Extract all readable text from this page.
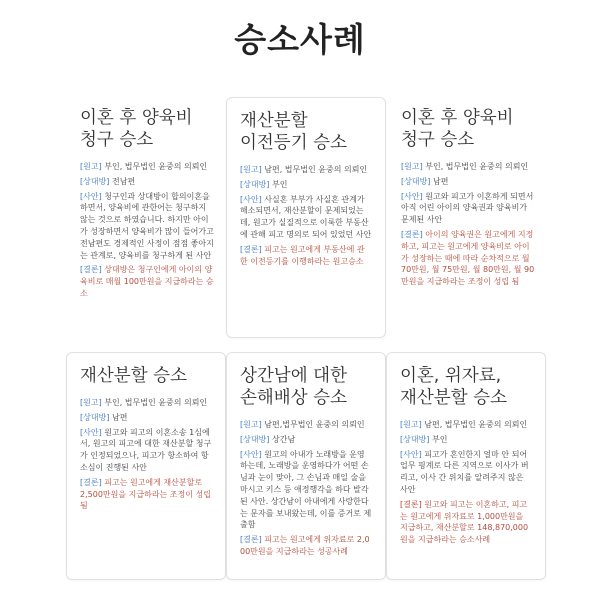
승소사례
이혼 후 양육비 청구 승소
[원고] 부인, 법무법인 윤중의 의뢰인
[상대방] 전남편
[사안] 청구인과 상대방이 합의이혼을 하면서, 양육비에 관한어는 청구하지 않는 것으로 하였습니다. 하지만 아이가 성장하면서 양육비가 많이 들어가고 전남편도 경제적인 사정이 점점 좋아지는 관계로, 양육비를 청구하게 된 사안
[결론] 상대방은 청구인에게 아이의 양육비로 매월 100만원을 지급하라는 승소
재산분할 이전등기 승소
[원고] 남편, 법무법인 윤중의 의뢰인
[상대방] 부인
[사안] 사실혼 부부가 사실혼 관계가 해소되면서, 재산분할이 문제되었는데, 원고가 실질적으로 이룩한 부동산에 관해 피고 명의로 되어 있었던 사안
[결론] 피고는 원고에게 부동산에 관한 이전등기를 이행하라는 원고승소
이혼 후 양육비 청구 승소
[원고] 부인, 법무법인 윤중의 의뢰인
[상대방] 남편
[사안] 원고와 피고가 이혼하게 되면서 아직 어린 아이의 양육권과 양육비가 문제된 사안
[결론] 아이의 양육권은 원고에게 지정하고, 피고는 원고에게 양육비로 아이가 성장하는 때에 따라 순차적으로 월 70만원, 월 75만원, 월 80만원, 월 90만원을 지급하라는 조정이 성립 됨
재산분할 승소
[원고] 부인, 법무법인 윤중의 의뢰인
[상대방] 남편
[사안] 원고와 피고의 이혼소송 1심에서, 원고의 피고에 대한 재산분할 청구가 인정되었으나, 피고가 항소하여 항소심이 진행된 사안
[결론] 피고는 원고에게 재산분할로 2,500만원을 지급하라는 조정이 성립 됨
상간남에 대한 손해배상 승소
[원고] 남편,법무법인 윤중의 의뢰인
[상대방] 상간남
[사안] 원고의 아내가 노래방을 운영하는데, 노래방을 운영하다가 어떤 손님과 눈이 맞아, 그 손님과 매일 술을 마시고 키스 등 애정행각을 하다 발각된 사안. 상간남이 아내에게 사랑한다는 문자를 보내왔는데, 이를 증거로 제출함
[결론] 피고는 원고에게 위자료로 2,000만원을 지급하라는 성공사례
이혼, 위자료, 재산분할 승소
[원고] 남편, 법무법인 윤중의 의뢰인
[상대방] 부인
[사안] 피고가 혼인한지 얼마 안 되어 업무 핑계로 다른 지역으로 이사가 버리고, 이사 간 위치를 알려주지 않은 사안
[결론] 원고와 피고는 이혼하고, 피고는 원고에게 위자료로 1,000만원을 지급하고, 재산분할로 148,870,000원을 지급하라는 승소사례
